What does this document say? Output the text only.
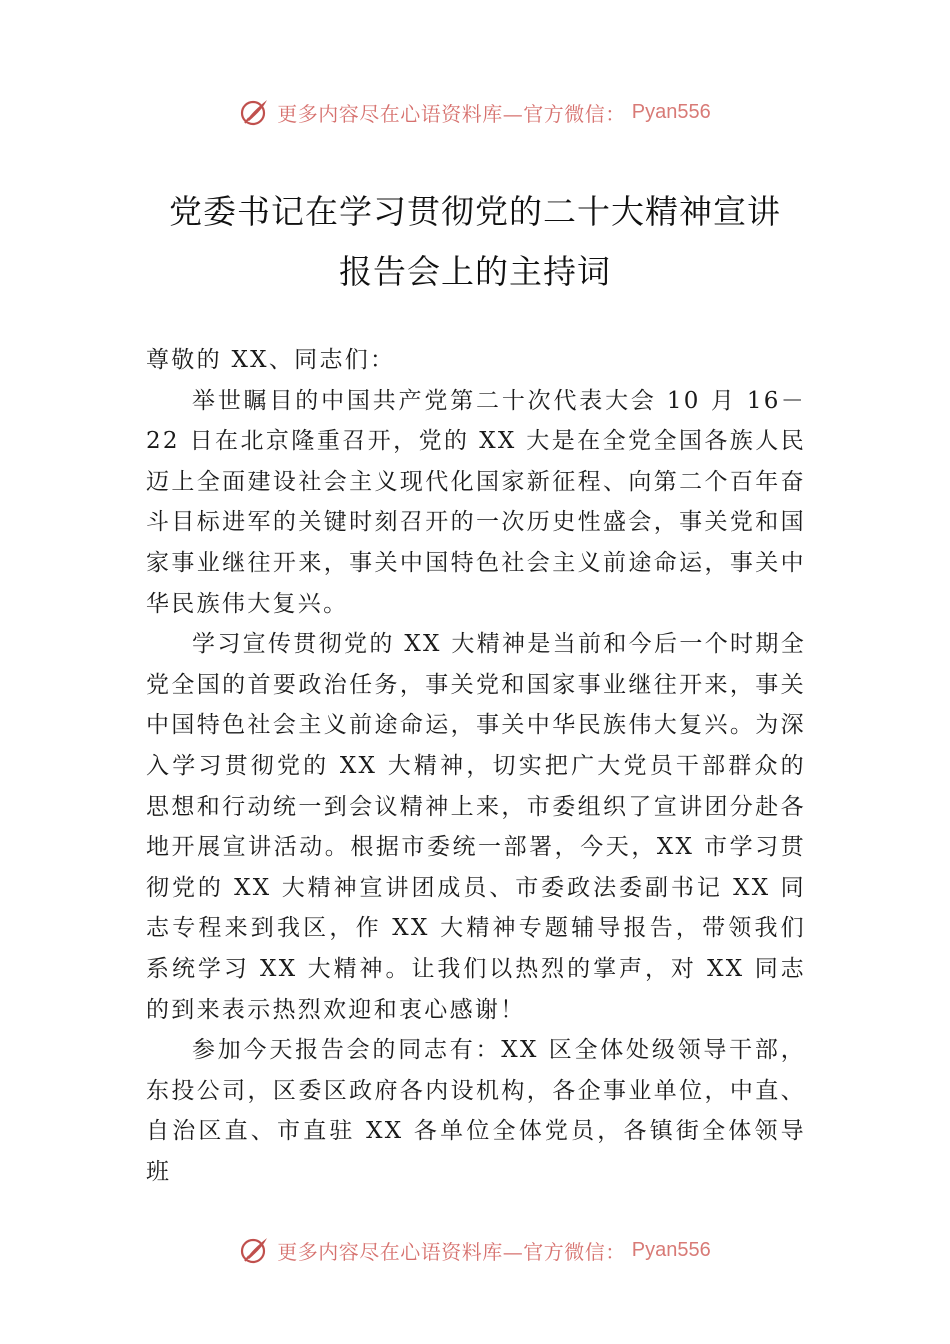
更多内容尽在心语资料库—官方微信： Pyan556
党委书记在学习贯彻党的二十大精神宣讲
报告会上的主持词

尊敬的 XX、同志们：

举世瞩目的中国共产党第二十次代表大会 10 月 16－22 日在北京隆重召开，党的 XX 大是在全党全国各族人民迈上全面建设社会主义现代化国家新征程、向第二个百年奋斗目标进军的关键时刻召开的一次历史性盛会，事关党和国家事业继往开来，事关中国特色社会主义前途命运，事关中华民族伟大复兴。

学习宣传贯彻党的 XX 大精神是当前和今后一个时期全党全国的首要政治任务，事关党和国家事业继往开来，事关中国特色社会主义前途命运，事关中华民族伟大复兴。为深入学习贯彻党的 XX 大精神，切实把广大党员干部群众的思想和行动统一到会议精神上来，市委组织了宣讲团分赴各地开展宣讲活动。根据市委统一部署，今天，XX 市学习贯彻党的 XX 大精神宣讲团成员、市委政法委副书记 XX 同志专程来到我区，作 XX 大精神专题辅导报告，带领我们系统学习 XX 大精神。让我们以热烈的掌声，对 XX 同志的到来表示热烈欢迎和衷心感谢！

参加今天报告会的同志有：XX 区全体处级领导干部，东投公司，区委区政府各内设机构，各企事业单位，中直、 自治区直、市直驻 XX 各单位全体党员，各镇街全体领导班

更多内容尽在心语资料库—官方微信： Pyan556
